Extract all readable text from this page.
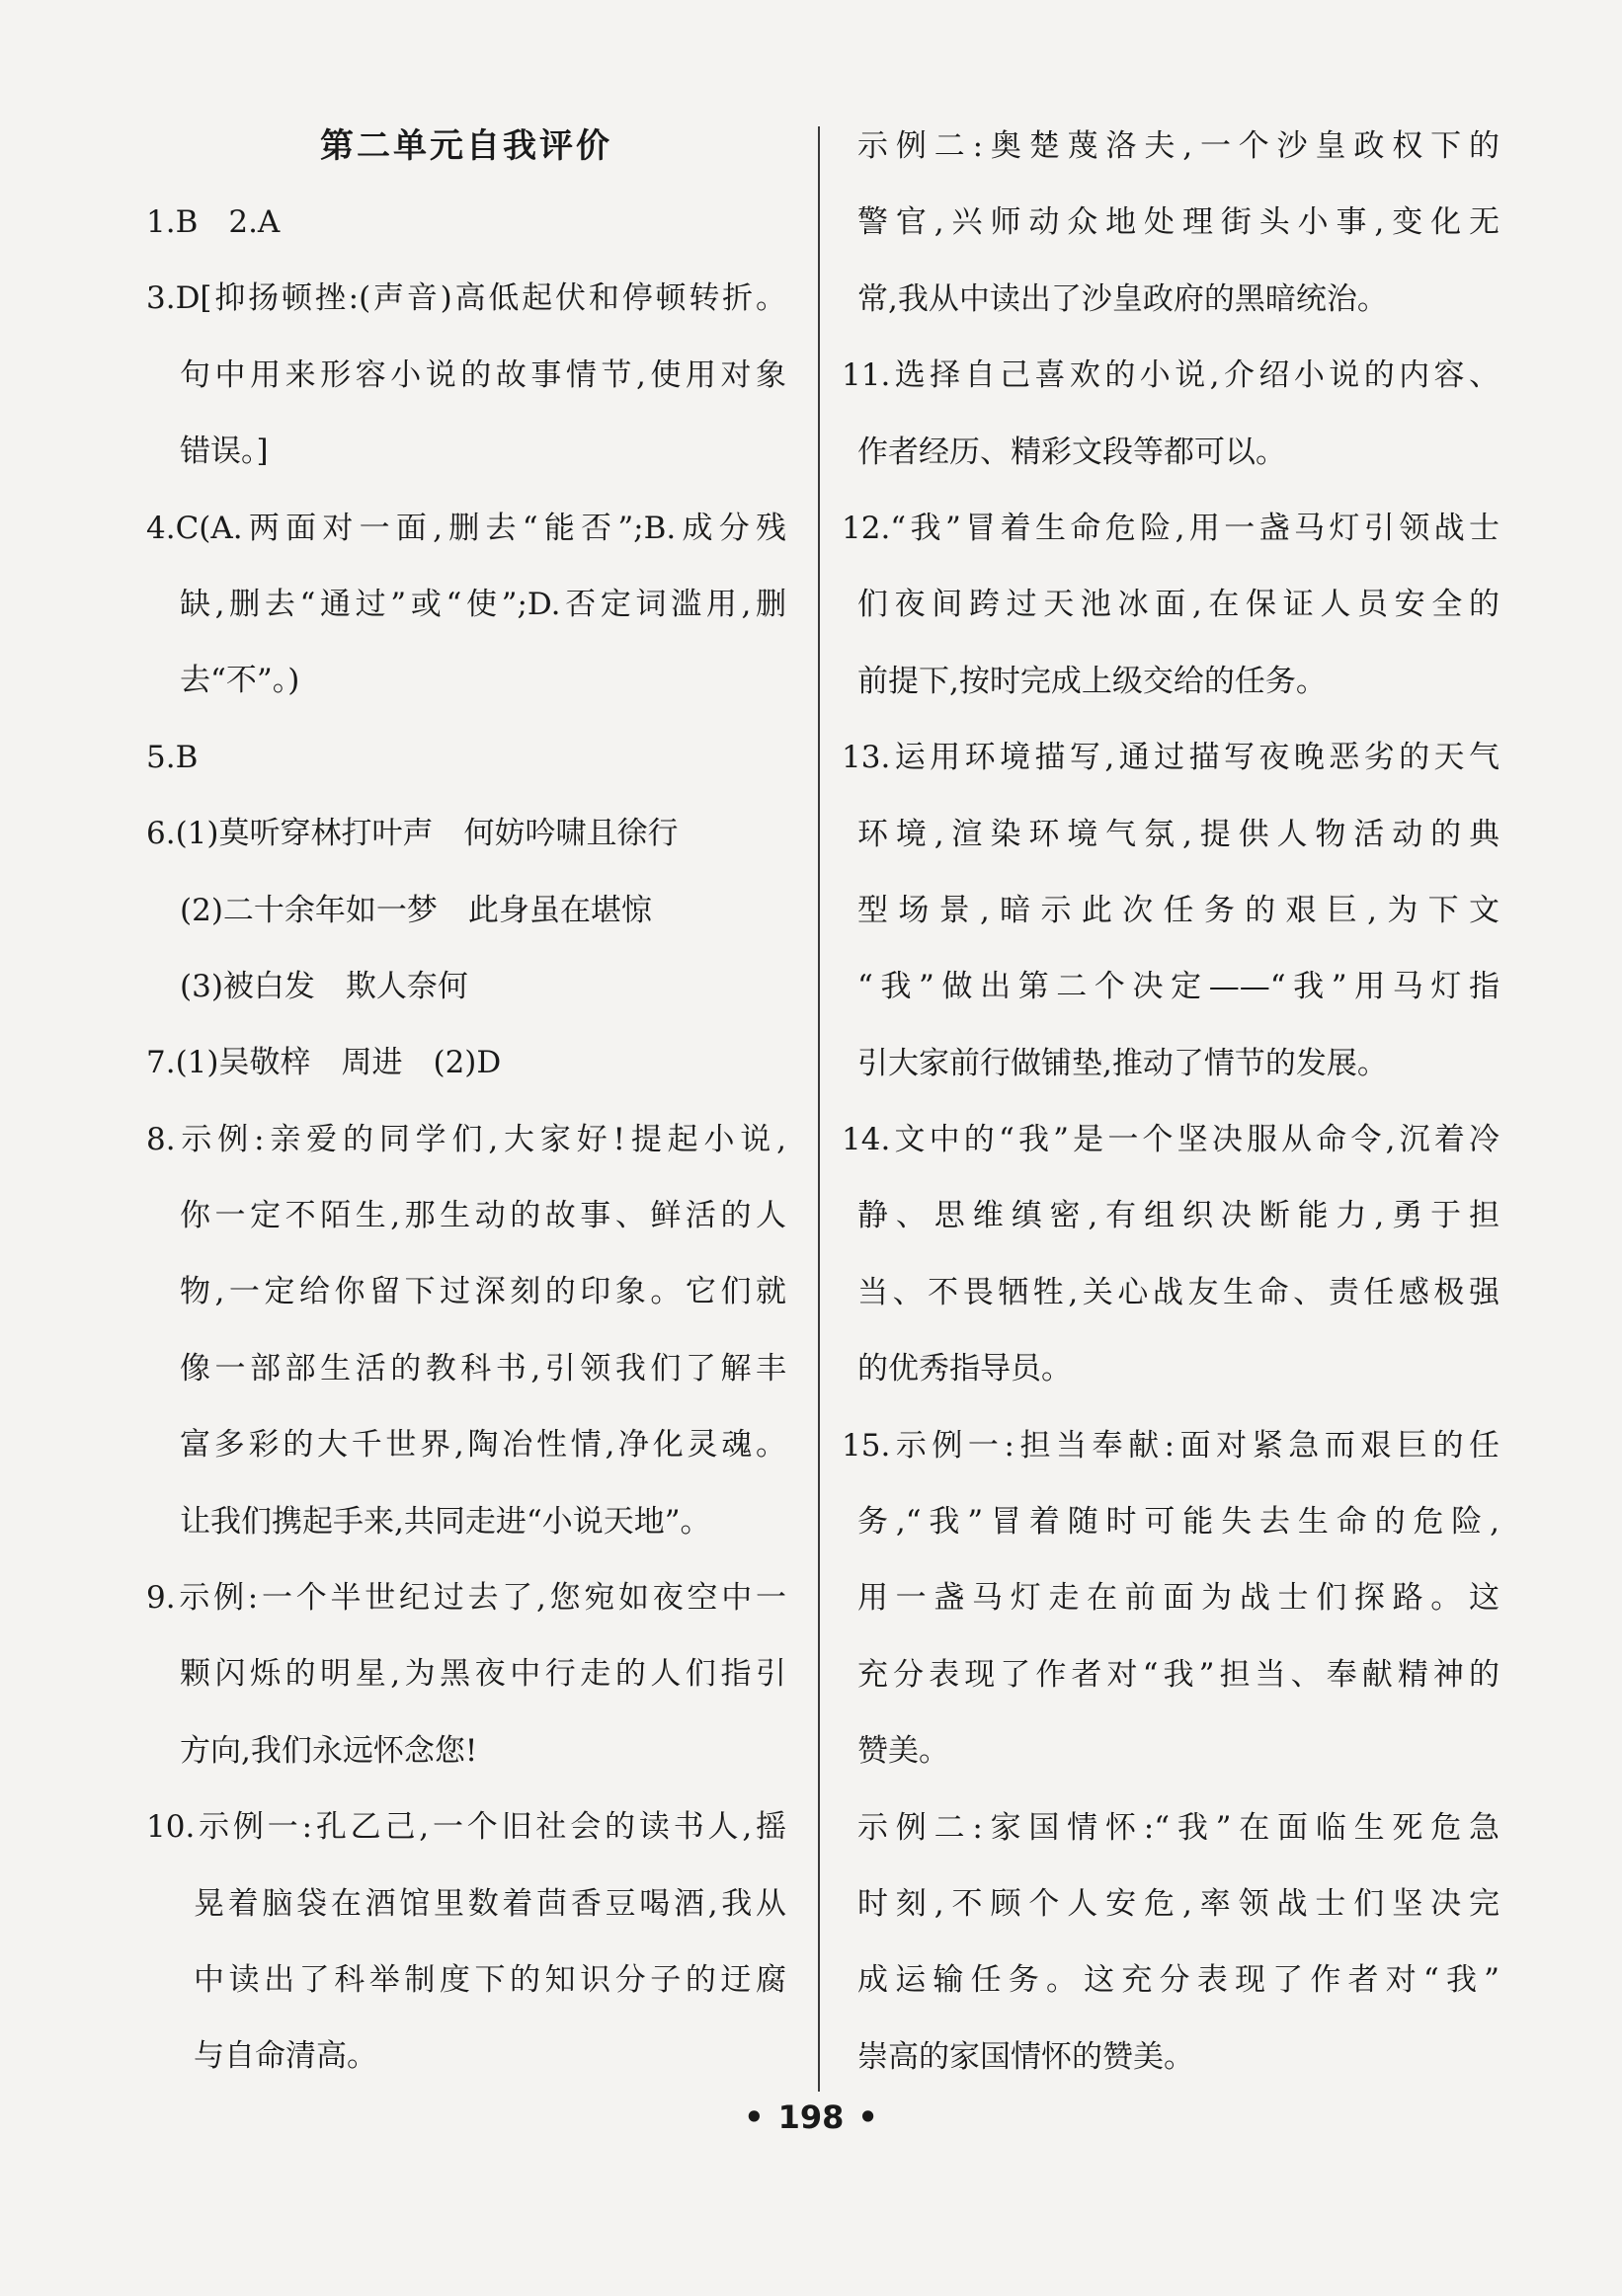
第二单元自我评价
1.B　2.A
3.D[抑扬顿挫:(声音)高低起伏和停顿转折。
句中用来形容小说的故事情节,使用对象
错误。]
4.C(A.两面对一面,删去“能否”;B.成分残
缺,删去“通过”或“使”;D.否定词滥用,删
去“不”。)
5.B
6.(1)莫听穿林打叶声　何妨吟啸且徐行
(2)二十余年如一梦　此身虽在堪惊
(3)被白发　欺人奈何
7.(1)吴敬梓　周进　(2)D
8.示例:亲爱的同学们,大家好!提起小说,
你一定不陌生,那生动的故事、鲜活的人
物,一定给你留下过深刻的印象。它们就
像一部部生活的教科书,引领我们了解丰
富多彩的大千世界,陶冶性情,净化灵魂。
让我们携起手来,共同走进“小说天地”。
9.示例:一个半世纪过去了,您宛如夜空中一
颗闪烁的明星,为黑夜中行走的人们指引
方向,我们永远怀念您!
10.示例一:孔乙己,一个旧社会的读书人,摇
晃着脑袋在酒馆里数着茴香豆喝酒,我从
中读出了科举制度下的知识分子的迂腐
与自命清高。
示例二:奥楚蔑洛夫,一个沙皇政权下的
警官,兴师动众地处理街头小事,变化无
常,我从中读出了沙皇政府的黑暗统治。
11.选择自己喜欢的小说,介绍小说的内容、
作者经历、精彩文段等都可以。
12.“我”冒着生命危险,用一盏马灯引领战士
们夜间跨过天池冰面,在保证人员安全的
前提下,按时完成上级交给的任务。
13.运用环境描写,通过描写夜晚恶劣的天气
环境,渲染环境气氛,提供人物活动的典
型场景,暗示此次任务的艰巨,为下文
“我”做出第二个决定——“我”用马灯指
引大家前行做铺垫,推动了情节的发展。
14.文中的“我”是一个坚决服从命令,沉着冷
静、思维缜密,有组织决断能力,勇于担
当、不畏牺牲,关心战友生命、责任感极强
的优秀指导员。
15.示例一:担当奉献:面对紧急而艰巨的任
务,“我”冒着随时可能失去生命的危险,
用一盏马灯走在前面为战士们探路。这
充分表现了作者对“我”担当、奉献精神的
赞美。
示例二:家国情怀:“我”在面临生死危急
时刻,不顾个人安危,率领战士们坚决完
成运输任务。这充分表现了作者对“我”
崇高的家国情怀的赞美。
• 198 •
